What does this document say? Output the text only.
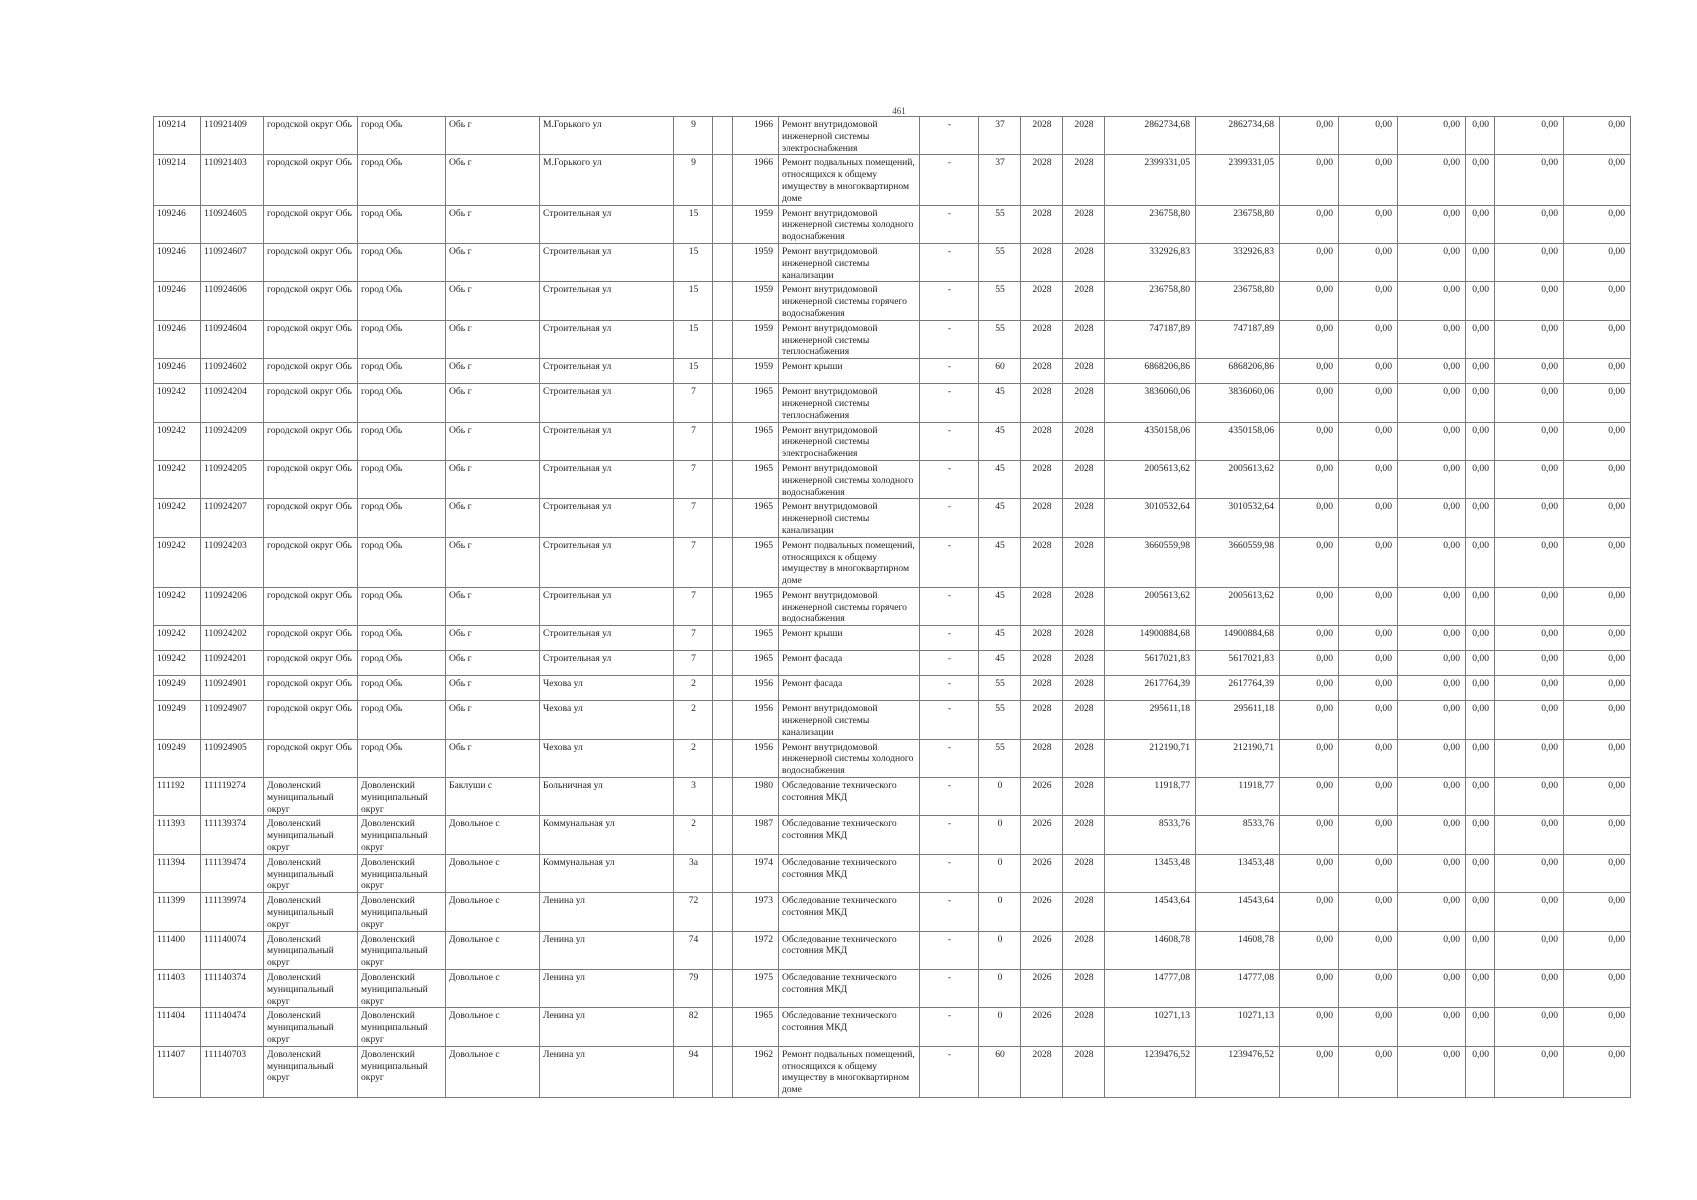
461
109214	110921409	городской округ Обь	город Обь	Обь г	М.Горького ул	9		1966	Ремонт внутридомовой инженерной системы электроснабжения	-	37	2028	2028	2862734,68	2862734,68	0,00	0,00	0,00	0,00	0,00	0,00
109214	110921403	городской округ Обь	город Обь	Обь г	М.Горького ул	9		1966	Ремонт подвальных помещений, относящихся к общему имуществу в многоквартирном доме	-	37	2028	2028	2399331,05	2399331,05	0,00	0,00	0,00	0,00	0,00	0,00
109246	110924605	городской округ Обь	город Обь	Обь г	Строительная ул	15		1959	Ремонт внутридомовой инженерной системы холодного водоснабжения	-	55	2028	2028	236758,80	236758,80	0,00	0,00	0,00	0,00	0,00	0,00
109246	110924607	городской округ Обь	город Обь	Обь г	Строительная ул	15		1959	Ремонт внутридомовой инженерной системы канализации	-	55	2028	2028	332926,83	332926,83	0,00	0,00	0,00	0,00	0,00	0,00
109246	110924606	городской округ Обь	город Обь	Обь г	Строительная ул	15		1959	Ремонт внутридомовой инженерной системы горячего водоснабжения	-	55	2028	2028	236758,80	236758,80	0,00	0,00	0,00	0,00	0,00	0,00
109246	110924604	городской округ Обь	город Обь	Обь г	Строительная ул	15		1959	Ремонт внутридомовой инженерной системы теплоснабжения	-	55	2028	2028	747187,89	747187,89	0,00	0,00	0,00	0,00	0,00	0,00
109246	110924602	городской округ Обь	город Обь	Обь г	Строительная ул	15		1959	Ремонт крыши	-	60	2028	2028	6868206,86	6868206,86	0,00	0,00	0,00	0,00	0,00	0,00
109242	110924204	городской округ Обь	город Обь	Обь г	Строительная ул	7		1965	Ремонт внутридомовой инженерной системы теплоснабжения	-	45	2028	2028	3836060,06	3836060,06	0,00	0,00	0,00	0,00	0,00	0,00
109242	110924209	городской округ Обь	город Обь	Обь г	Строительная ул	7		1965	Ремонт внутридомовой инженерной системы электроснабжения	-	45	2028	2028	4350158,06	4350158,06	0,00	0,00	0,00	0,00	0,00	0,00
109242	110924205	городской округ Обь	город Обь	Обь г	Строительная ул	7		1965	Ремонт внутридомовой инженерной системы холодного водоснабжения	-	45	2028	2028	2005613,62	2005613,62	0,00	0,00	0,00	0,00	0,00	0,00
109242	110924207	городской округ Обь	город Обь	Обь г	Строительная ул	7		1965	Ремонт внутридомовой инженерной системы канализации	-	45	2028	2028	3010532,64	3010532,64	0,00	0,00	0,00	0,00	0,00	0,00
109242	110924203	городской округ Обь	город Обь	Обь г	Строительная ул	7		1965	Ремонт подвальных помещений, относящихся к общему имуществу в многоквартирном доме	-	45	2028	2028	3660559,98	3660559,98	0,00	0,00	0,00	0,00	0,00	0,00
109242	110924206	городской округ Обь	город Обь	Обь г	Строительная ул	7		1965	Ремонт внутридомовой инженерной системы горячего водоснабжения	-	45	2028	2028	2005613,62	2005613,62	0,00	0,00	0,00	0,00	0,00	0,00
109242	110924202	городской округ Обь	город Обь	Обь г	Строительная ул	7		1965	Ремонт крыши	-	45	2028	2028	14900884,68	14900884,68	0,00	0,00	0,00	0,00	0,00	0,00
109242	110924201	городской округ Обь	город Обь	Обь г	Строительная ул	7		1965	Ремонт фасада	-	45	2028	2028	5617021,83	5617021,83	0,00	0,00	0,00	0,00	0,00	0,00
109249	110924901	городской округ Обь	город Обь	Обь г	Чехова ул	2		1956	Ремонт фасада	-	55	2028	2028	2617764,39	2617764,39	0,00	0,00	0,00	0,00	0,00	0,00
109249	110924907	городской округ Обь	город Обь	Обь г	Чехова ул	2		1956	Ремонт внутридомовой инженерной системы канализации	-	55	2028	2028	295611,18	295611,18	0,00	0,00	0,00	0,00	0,00	0,00
109249	110924905	городской округ Обь	город Обь	Обь г	Чехова ул	2		1956	Ремонт внутридомовой инженерной системы холодного водоснабжения	-	55	2028	2028	212190,71	212190,71	0,00	0,00	0,00	0,00	0,00	0,00
111192	111119274	Доволенский муниципальный округ	Доволенский муниципальный округ	Баклуши с	Больничная ул	3		1980	Обследование технического состояния МКД	-	0	2026	2028	11918,77	11918,77	0,00	0,00	0,00	0,00	0,00	0,00
111393	111139374	Доволенский муниципальный округ	Доволенский муниципальный округ	Довольное с	Коммунальная ул	2		1987	Обследование технического состояния МКД	-	0	2026	2028	8533,76	8533,76	0,00	0,00	0,00	0,00	0,00	0,00
111394	111139474	Доволенский муниципальный округ	Доволенский муниципальный округ	Довольное с	Коммунальная ул	3а		1974	Обследование технического состояния МКД	-	0	2026	2028	13453,48	13453,48	0,00	0,00	0,00	0,00	0,00	0,00
111399	111139974	Доволенский муниципальный округ	Доволенский муниципальный округ	Довольное с	Ленина ул	72		1973	Обследование технического состояния МКД	-	0	2026	2028	14543,64	14543,64	0,00	0,00	0,00	0,00	0,00	0,00
111400	111140074	Доволенский муниципальный округ	Доволенский муниципальный округ	Довольное с	Ленина ул	74		1972	Обследование технического состояния МКД	-	0	2026	2028	14608,78	14608,78	0,00	0,00	0,00	0,00	0,00	0,00
111403	111140374	Доволенский муниципальный округ	Доволенский муниципальный округ	Довольное с	Ленина ул	79		1975	Обследование технического состояния МКД	-	0	2026	2028	14777,08	14777,08	0,00	0,00	0,00	0,00	0,00	0,00
111404	111140474	Доволенский муниципальный округ	Доволенский муниципальный округ	Довольное с	Ленина ул	82		1965	Обследование технического состояния МКД	-	0	2026	2028	10271,13	10271,13	0,00	0,00	0,00	0,00	0,00	0,00
111407	111140703	Доволенский муниципальный округ	Доволенский муниципальный округ	Довольное с	Ленина ул	94		1962	Ремонт подвальных помещений, относящихся к общему имуществу в многоквартирном доме	-	60	2028	2028	1239476,52	1239476,52	0,00	0,00	0,00	0,00	0,00	0,00
